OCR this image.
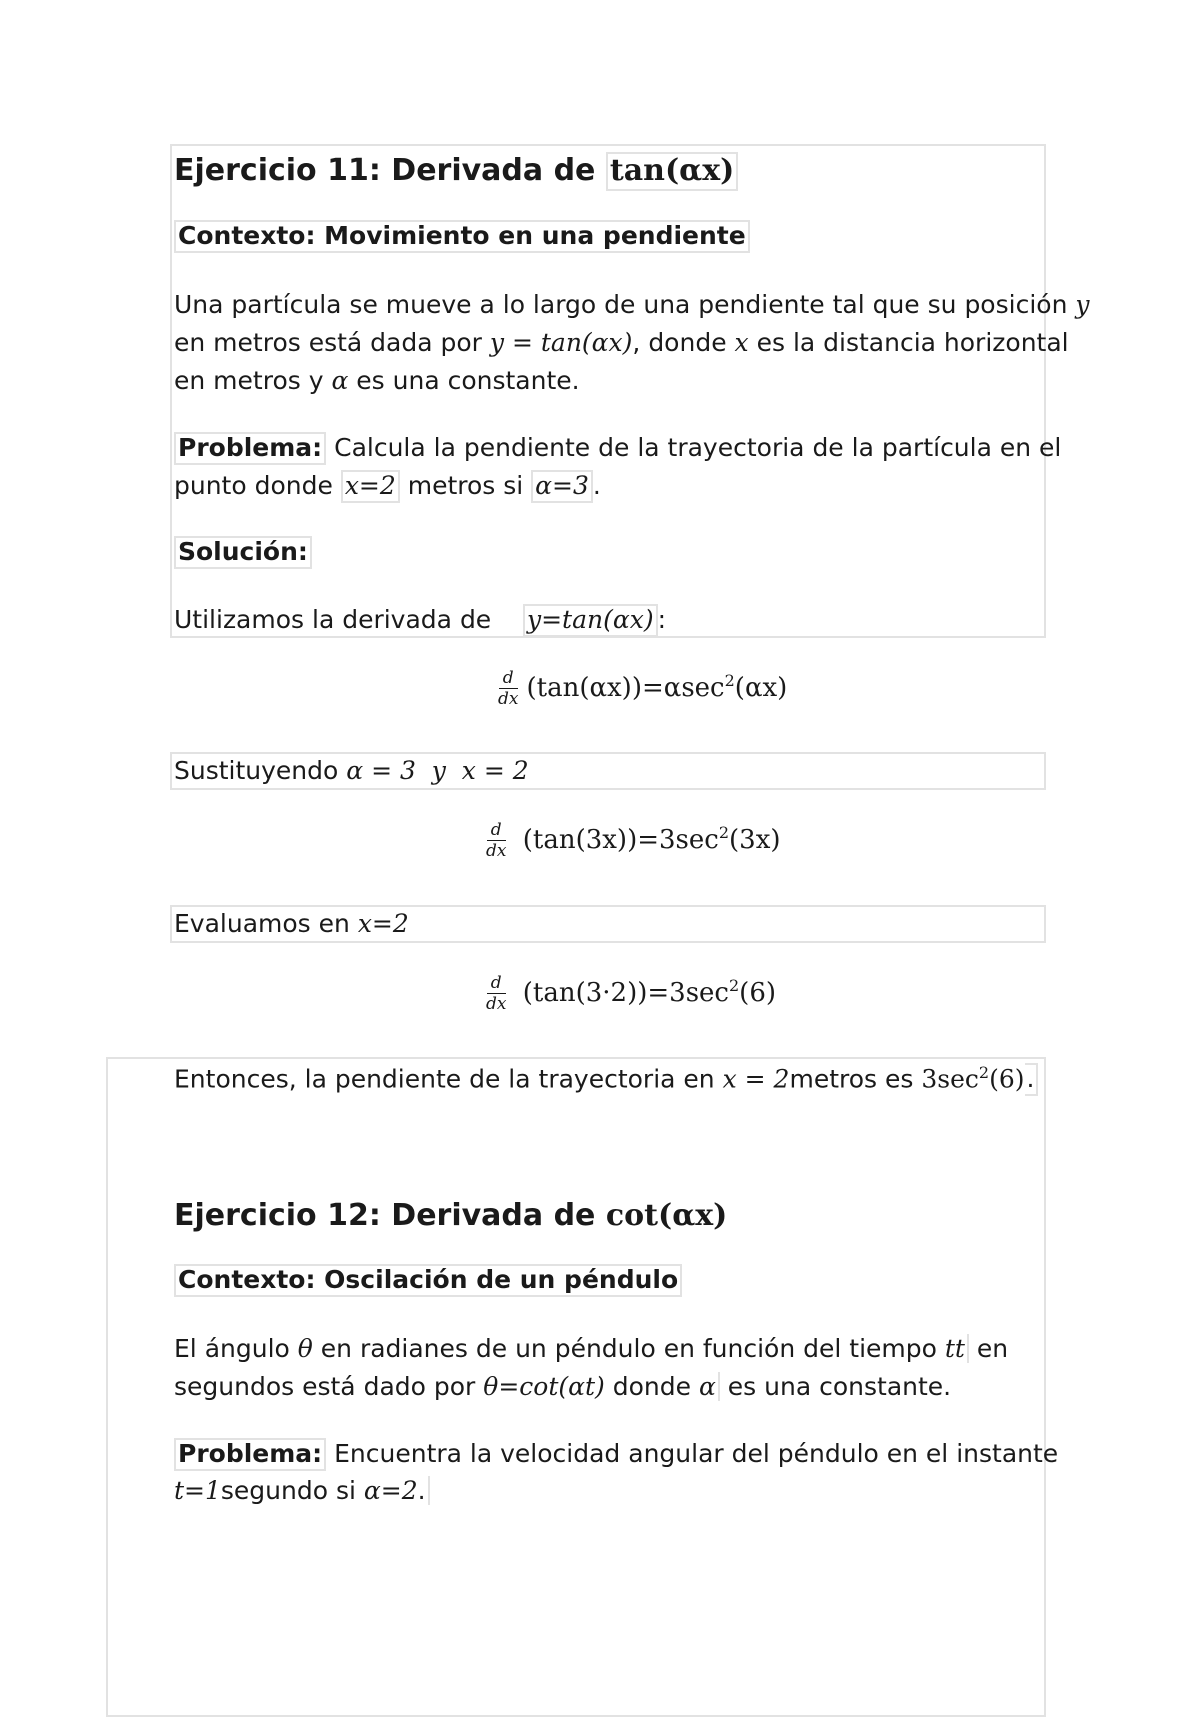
Ejercicio 11: Derivada de tan(αx)
Contexto: Movimiento en una pendiente
Una partícula se mueve a lo largo de una pendiente tal que su posición y
en metros está dada por y = tan(αx), donde x es la distancia horizontal
en metros y α es una constante.
Problema: Calcula la pendiente de la trayectoria de la partícula en el
punto donde x=2 metros si α=3 .
Solución:
Utilizamos la derivada de    y=tan(αx) :
$\frac{d}{dx} (\tan(\alpha x))=\alpha\sec^2(\alpha x)$
Sustituyendo α = 3  y  x = 2
$\frac{d}{dx} (\tan(3x))=3\sec^2(3x)$
Evaluamos en x=2
$\frac{d}{dx} (\tan(3\cdot 2))=3\sec^2(6)$
Entonces, la pendiente de la trayectoria en x = 2metros es $3\sec^2(6)$.
Ejercicio 12: Derivada de cot(αx)
Contexto: Oscilación de un péndulo
El ángulo θ en radianes de un péndulo en función del tiempo tt en
segundos está dado por θ=cot(αt) donde α es una constante.
Problema: Encuentra la velocidad angular del péndulo en el instante
t=1segundo si α=2.
